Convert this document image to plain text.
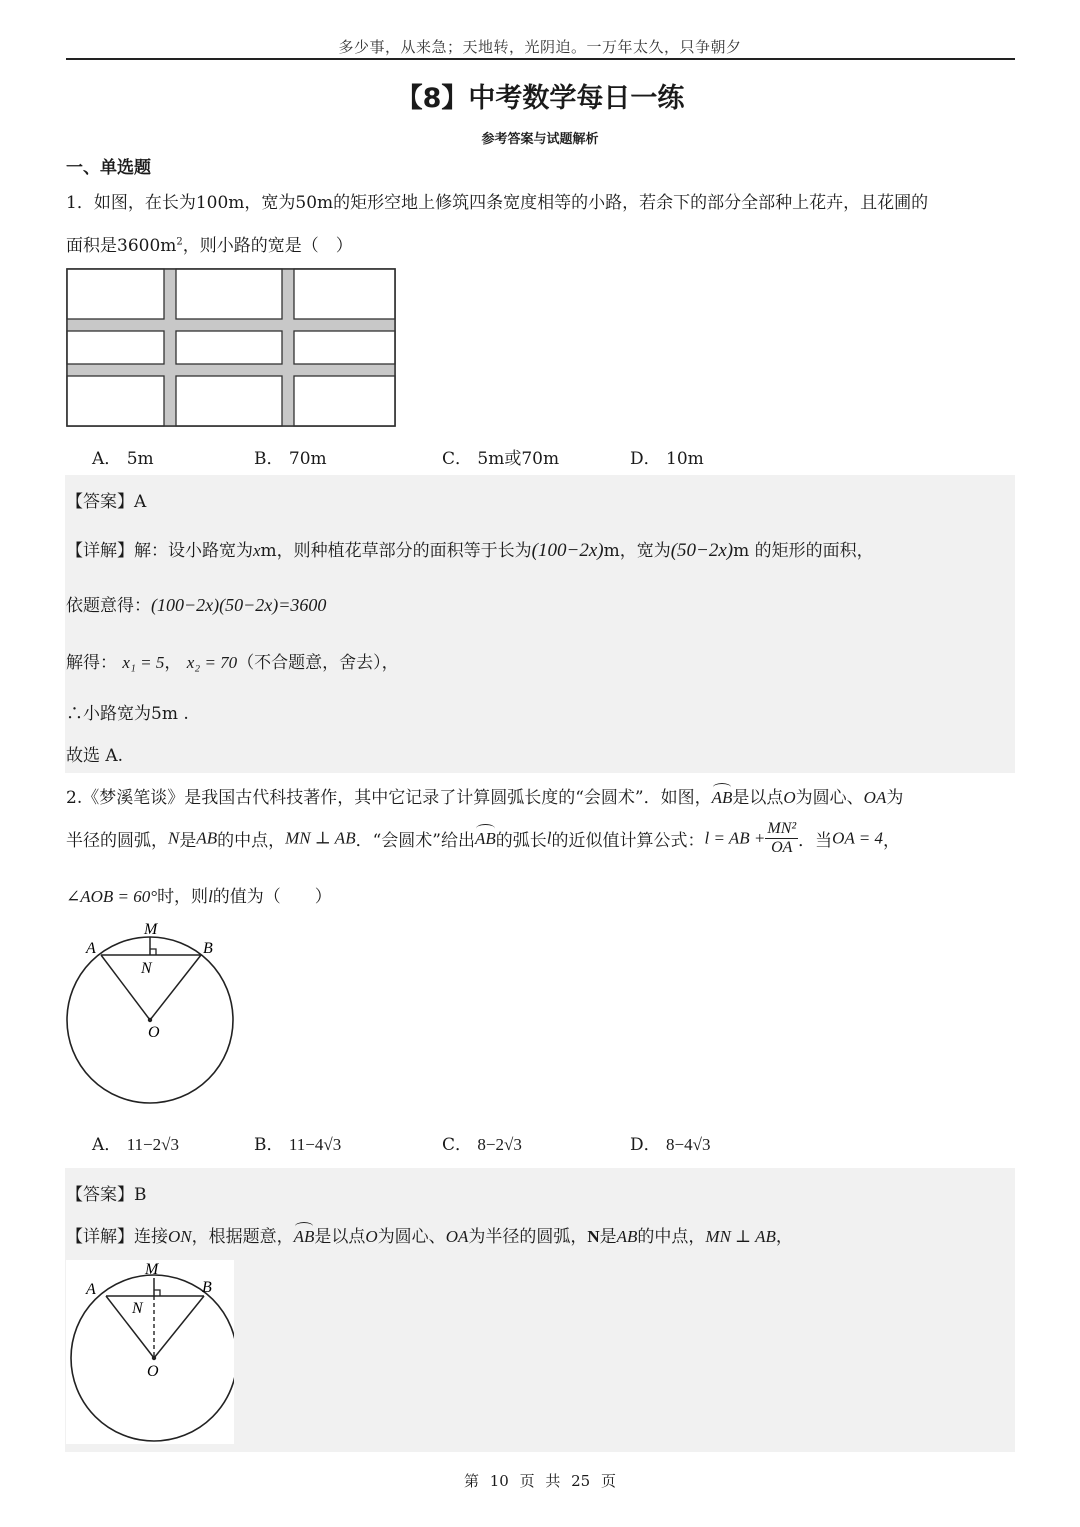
多少事，从来急；天地转，光阴迫。一万年太久，只争朝夕
【8】中考数学每日一练
参考答案与试题解析
一、单选题
1．如图，在长为100m，宽为50m的矩形空地上修筑四条宽度相等的小路，若余下的部分全部种上花卉，且花圃的
面积是$3600m^2$，则小路的宽是（　）
A． 5m	B． 70m	C． 5m或70m	D． 10m
【答案】A
【详解】解：设小路宽为xm，则种植花草部分的面积等于长为(100−2x)m，宽为(50−2x)m 的矩形的面积，
依题意得：(100−2x)(50−2x)=3600
解得： x₁ = 5， x₂ = 70（不合题意，舍去），
∴小路宽为5m .
故选 A.
2.《梦溪笔谈》是我国古代科技著作，其中它记录了计算圆弧长度的“会圆术”．如图，AB是以点O为圆心、OA为
半径的圆弧，N是AB的中点，MN ⊥ AB．“会圆术”给出AB的弧长l的近似值计算公式：l = AB + $\frac{\text{MN²}}{OA}$ ．当OA = 4，
∠AOB = 60°时，则l的值为（　　）
M
A	B
N
O
A． 11−2√3	B． 11−4√3	C． 8−2√3	D． 8−4√3
【答案】B
【详解】连接ON，根据题意，AB是以点O为圆心、OA为半径的圆弧，N是AB的中点，MN ⊥ AB，
M
A	B
N
O
第 10 页 共 25 页
